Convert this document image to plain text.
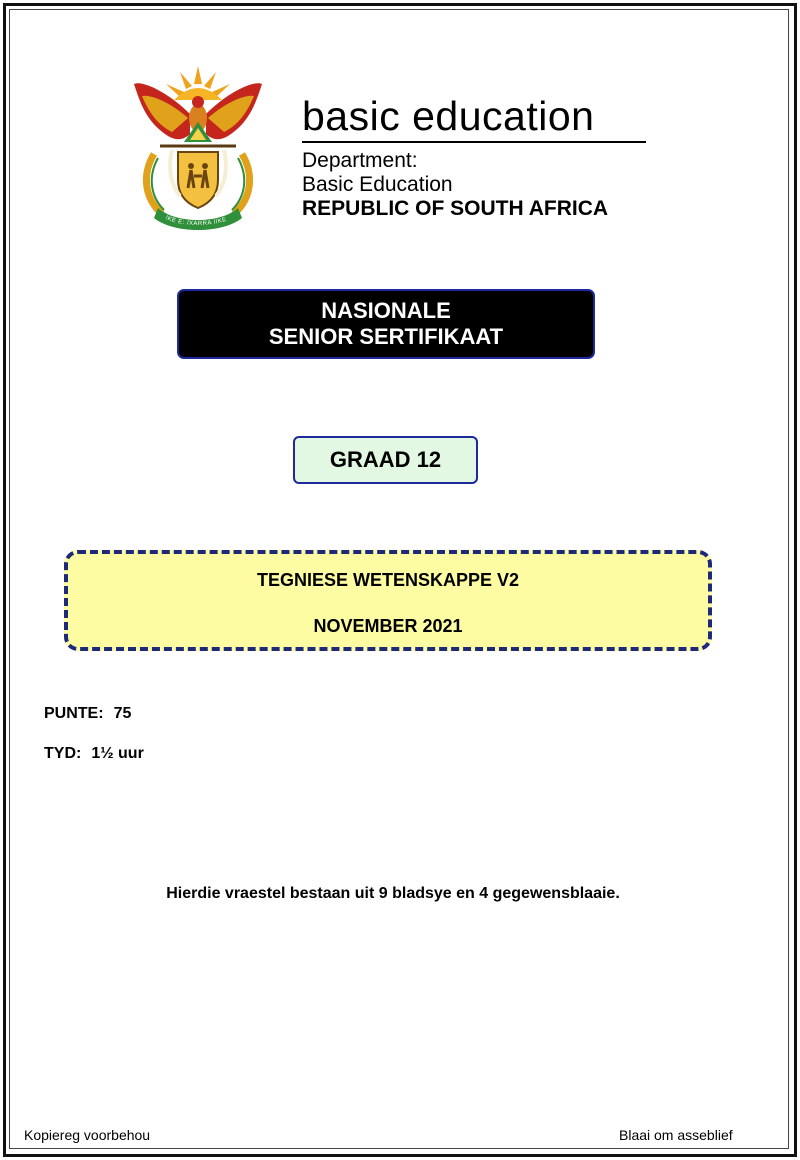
!KE E: /XARRA //KE
basic education
Department:
Basic Education
REPUBLIC OF SOUTH AFRICA
NASIONALE
SENIOR SERTIFIKAAT
GRAAD 12
TEGNIESE WETENSKAPPE V2
NOVEMBER 2021
PUNTE: 75
TYD: 1½ uur
Hierdie vraestel bestaan uit 9 bladsye en 4 gegewensblaaie.
Kopiereg voorbehou	Blaai om asseblief
